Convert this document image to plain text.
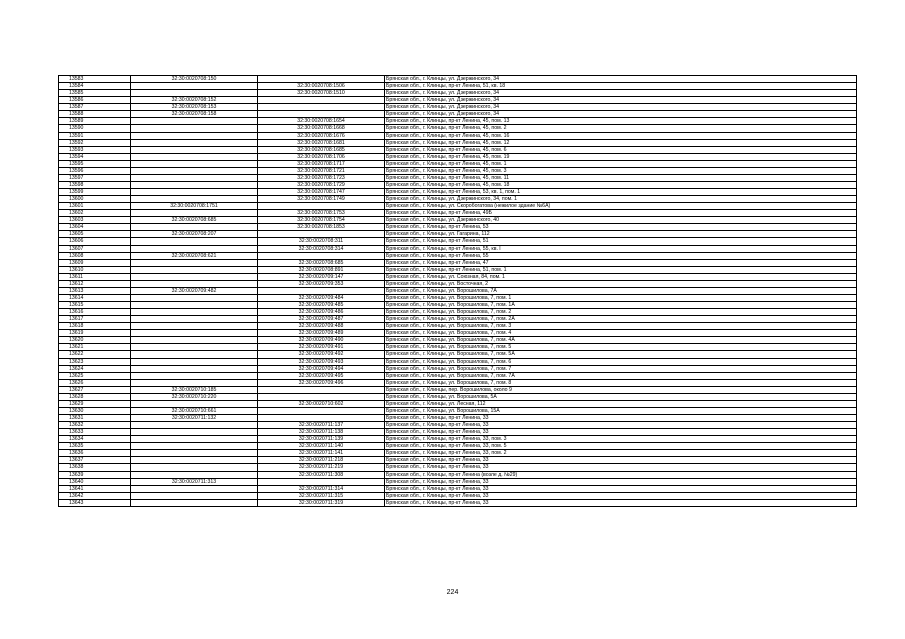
13583	32:30:0020708:150		Брянская обл., г. Клинцы, ул. Дзержинского, 34
13584		32:30:0020708:1506	Брянская обл., г. Клинцы, пр-кт Ленина, 51, кв. 18
13585		32:30:0020708:1510	Брянская обл., г. Клинцы, ул. Дзержинского, 34
13586	32:30:0020708:152		Брянская обл., г. Клинцы, ул. Дзержинского, 34
13587	32:30:0020708:153		Брянская обл., г. Клинцы, ул. Дзержинского, 34
13588	32:30:0020708:158		Брянская обл., г. Клинцы, ул. Дзержинского, 34
13589		32:30:0020708:1654	Брянская обл., г. Клинцы, пр-кт Ленина, 45, пом. 13
13590		32:30:0020708:1668	Брянская обл., г. Клинцы, пр-кт Ленина, 45, пом. 2
13591		32:30:0020708:1676	Брянская обл., г. Клинцы, пр-кт Ленина, 45, пом. 16
13592		32:30:0020708:1681	Брянская обл., г. Клинцы, пр-кт Ленина, 45, пом. 12
13593		32:30:0020708:1685	Брянская обл., г. Клинцы, пр-кт Ленина, 45, пом. 6
13594		32:30:0020708:1706	Брянская обл., г. Клинцы, пр-кт Ленина, 45, пом. 19
13595		32:30:0020708:1717	Брянская обл., г. Клинцы, пр-кт Ленина, 45, пом. 1
13596		32:30:0020708:1721	Брянская обл., г. Клинцы, пр-кт Ленина, 45, пом. 3
13597		32:30:0020708:1723	Брянская обл., г. Клинцы, пр-кт Ленина, 45, пом. 11
13598		32:30:0020708:1729	Брянская обл., г. Клинцы, пр-кт Ленина, 45, пом. 18
13599		32:30:0020708:1747	Брянская обл., г. Клинцы, пр-кт Ленина, 53, кв. 1, пом. 1
13600		32:30:0020708:1749	Брянская обл., г. Клинцы, ул. Дзержинского, 34, пом. 1
13601	32:30:0020708:1751		Брянская обл., г. Клинцы, ул. Скоробогатова (нежилое здание №6А)
13602		32:30:0020708:1753	Брянская обл., г. Клинцы, пр-кт Ленина, 49Б
13603	32:30:0020708:685	32:30:0020708:1754	Брянская обл., г. Клинцы, ул. Дзержинского, 40
13604		32:30:0020708:1853	Брянская обл., г. Клинцы, пр-кт Ленина, 53
13605	32:30:0020708:207		Брянская обл., г. Клинцы, ул. Гагарина, 112
13606		32:30:0020708:311	Брянская обл., г. Клинцы, пр-кт Ленина, 51
13607		32:30:0020708:314	Брянская обл., г. Клинцы, пр-кт Ленина, 55, кв. l
13608	32:30:0020708:621		Брянская обл., г. Клинцы, пр-кт Ленина, 55
13609		32:30:0020708:685	Брянская обл., г. Клинцы, пр-кт Ленина, 47
13610		32:30:0020708:891	Брянская обл., г. Клинцы, пр-кт Ленина, 51, пом. 1
13611		32:30:0020709:147	Брянская обл., г. Клинцы, ул. Союзная, 84, пом. 1
13612		32:30:0020709:353	Брянская обл., г. Клинцы, ул. Восточная, 2
13613	32:30:0020709:482		Брянская обл., г. Клинцы, ул. Ворошилова, 7А
13614		32:30:0020709:484	Брянская обл., г. Клинцы, ул. Ворошилова, 7, пом. 1
13615		32:30:0020709:485	Брянская обл., г. Клинцы, ул. Ворошилова, 7, пом. 1А
13616		32:30:0020709:486	Брянская обл., г. Клинцы, ул. Ворошилова, 7, пом. 2
13617		32:30:0020709:487	Брянская обл., г. Клинцы, ул. Ворошилова, 7, пом. 2А
13618		32:30:0020709:488	Брянская обл., г. Клинцы, ул. Ворошилова, 7, пом. 3
13619		32:30:0020709:489	Брянская обл., г. Клинцы, ул. Ворошилова, 7, пом. 4
13620		32:30:0020709:490	Брянская обл., г. Клинцы, ул. Ворошилова, 7, пом. 4А
13621		32:30:0020709:491	Брянская обл., г. Клинцы, ул. Ворошилова, 7, пом. 5
13622		32:30:0020709:492	Брянская обл., г. Клинцы, ул. Ворошилова, 7, пом. 5А
13623		32:30:0020709:493	Брянская обл., г. Клинцы, ул. Ворошилова, 7, пом. 6
13624		32:30:0020709:494	Брянская обл., г. Клинцы, ул. Ворошилова, 7, пом. 7
13625		32:30:0020709:495	Брянская обл., г. Клинцы, ул. Ворошилова, 7, пом. 7А
13626		32:30:0020709:496	Брянская обл., г. Клинцы, ул. Ворошилова, 7, пом. 8
13627	32:30:0020710:185		Брянская обл., г. Клинцы, пер. Ворошилова, около 9
13628	32:30:0020710:220		Брянская обл., г. Клинцы, ул. Ворошилова, 5А
13629		32:30:0020710:602	Брянская обл., г. Клинцы, ул. Лесная, 112
13630	32:30:0020710:661		Брянская обл., г. Клинцы, ул. Ворошилова, 15А
13631	32:30:0020711:132		Брянская обл., г. Клинцы, пр-кт Ленина, 33
13632		32:30:0020711:137	Брянская обл., г. Клинцы, пр-кт Ленина, 33
13633		32:30:0020711:138	Брянская обл., г. Клинцы, пр-кт Ленина, 33
13634		32:30:0020711:139	Брянская обл., г. Клинцы, пр-кт Ленина, 33, пом. 3
13635		32:30:0020711:140	Брянская обл., г. Клинцы, пр-кт Ленина, 33, пом. 5
13636		32:30:0020711:141	Брянская обл., г. Клинцы, пр-кт Ленина, 33, пом. 2
13637		32:30:0020711:218	Брянская обл., г. Клинцы, пр-кт Ленина, 33
13638		32:30:0020711:219	Брянская обл., г. Клинцы, пр-кт Ленина, 33
13639		32:30:0020711:308	Брянская обл., г. Клинцы, пр-кт Ленина (возле д. №29)
13640	32:30:0020711:313		Брянская обл., г. Клинцы, пр-кт Ленина, 33
13641		32:30:0020711:314	Брянская обл., г. Клинцы, пр-кт Ленина, 33
13642		32:30:0020711:315	Брянская обл., г. Клинцы, пр-кт Ленина, 33
13643		32:30:0020711:319	Брянская обл., г. Клинцы, пр-кт Ленина, 33
224
